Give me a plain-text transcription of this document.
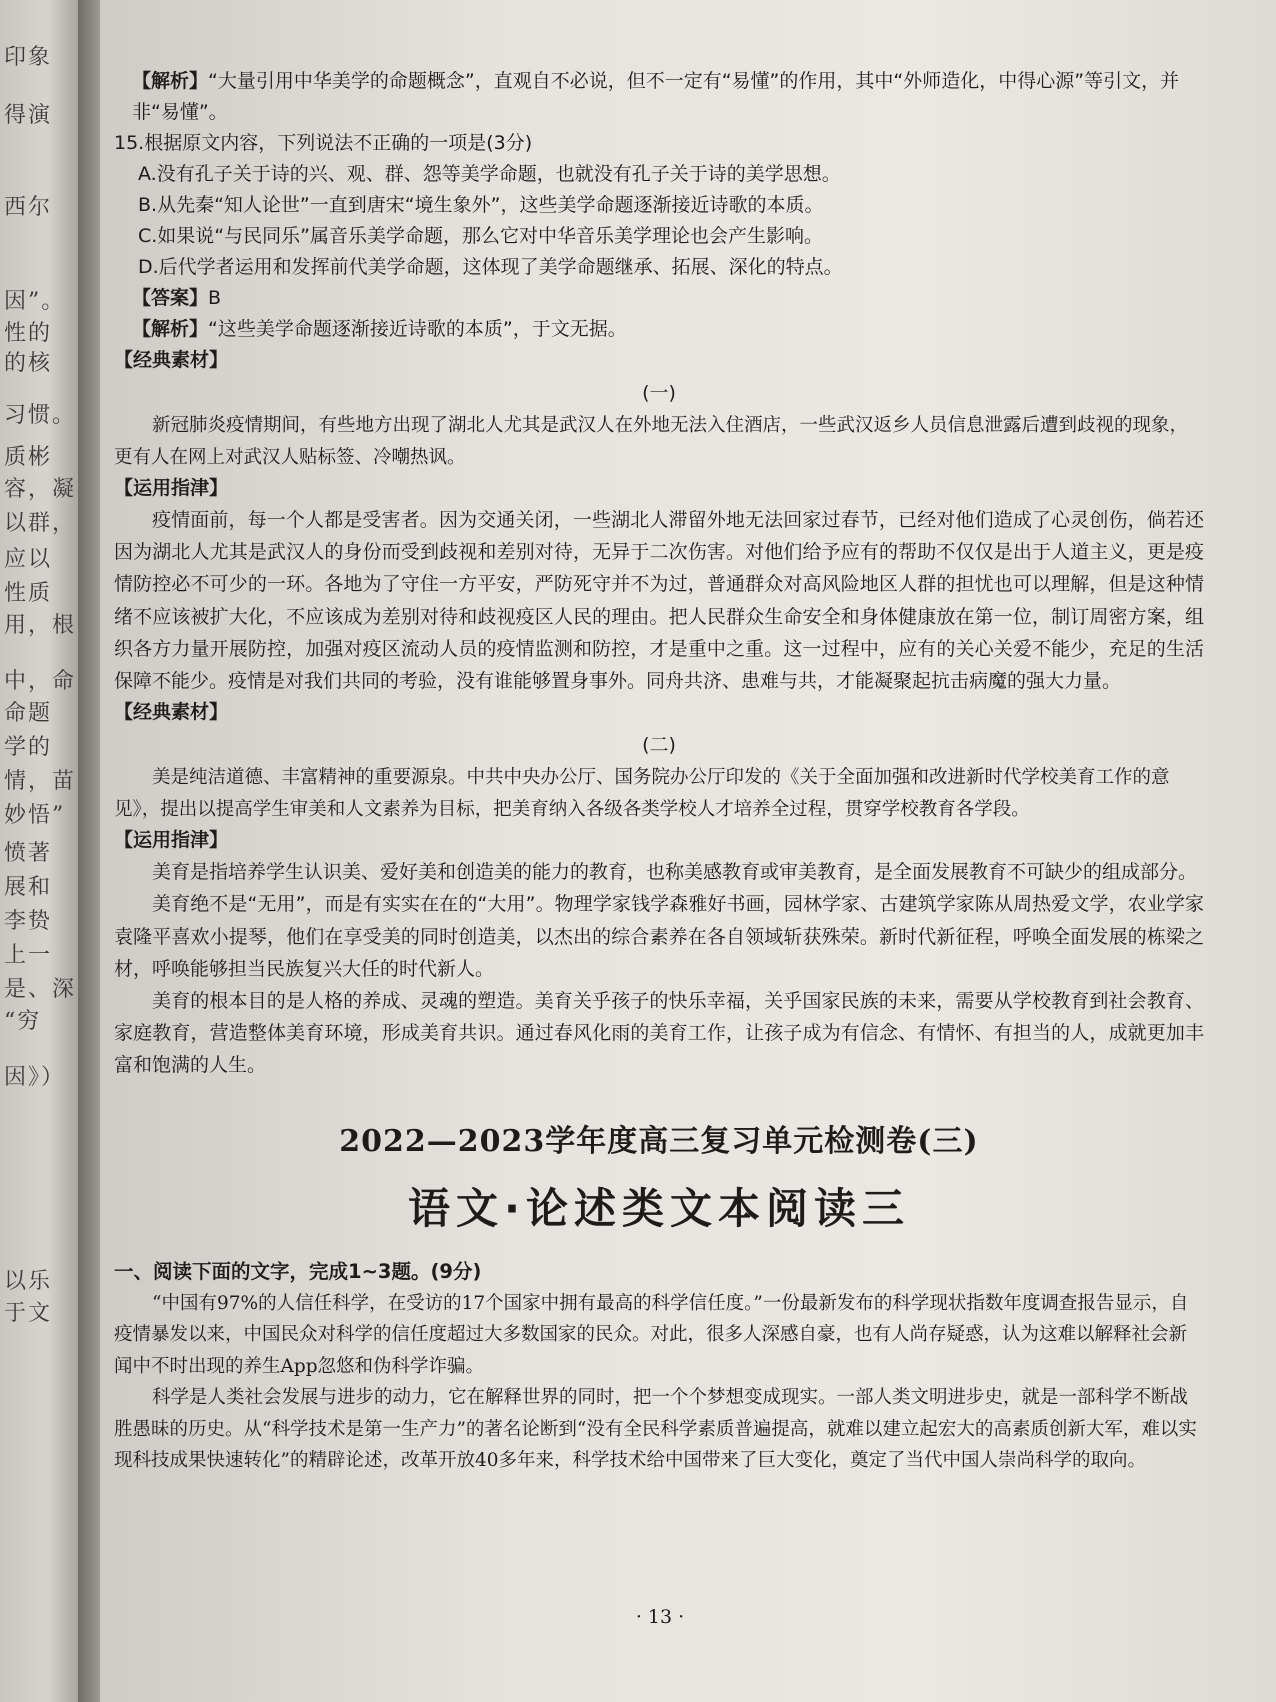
印象
得演
西尔
因”。
性的
的核
习惯。
质彬
容，凝
以群，
应以
性质
用，根
中，命
命题
学的
情，苗
妙悟”
愤著
展和
李贽
上一
是、深
“穷
因》）
以乐
于文

【解析】“大量引用中华美学的命题概念”，直观自不必说，但不一定有“易懂”的作用，其中“外师造化，中得心源”等引文，并非“易懂”。

15.根据原文内容，下列说法不正确的一项是(3分)

A.没有孔子关于诗的兴、观、群、怨等美学命题，也就没有孔子关于诗的美学思想。

B.从先秦“知人论世”一直到唐宋“境生象外”，这些美学命题逐渐接近诗歌的本质。

C.如果说“与民同乐”属音乐美学命题，那么它对中华音乐美学理论也会产生影响。

D.后代学者运用和发挥前代美学命题，这体现了美学命题继承、拓展、深化的特点。

【答案】B

【解析】“这些美学命题逐渐接近诗歌的本质”，于文无据。

【经典素材】

(一)

新冠肺炎疫情期间，有些地方出现了湖北人尤其是武汉人在外地无法入住酒店，一些武汉返乡人员信息泄露后遭到歧视的现象，更有人在网上对武汉人贴标签、冷嘲热讽。

【运用指津】

疫情面前，每一个人都是受害者。因为交通关闭，一些湖北人滞留外地无法回家过春节，已经对他们造成了心灵创伤，倘若还因为湖北人尤其是武汉人的身份而受到歧视和差别对待，无异于二次伤害。对他们给予应有的帮助不仅仅是出于人道主义，更是疫情防控必不可少的一环。各地为了守住一方平安，严防死守并不为过，普通群众对高风险地区人群的担忧也可以理解，但是这种情绪不应该被扩大化，不应该成为差别对待和歧视疫区人民的理由。把人民群众生命安全和身体健康放在第一位，制订周密方案，组织各方力量开展防控，加强对疫区流动人员的疫情监测和防控，才是重中之重。这一过程中，应有的关心关爱不能少，充足的生活保障不能少。疫情是对我们共同的考验，没有谁能够置身事外。同舟共济、患难与共，才能凝聚起抗击病魔的强大力量。

【经典素材】

(二)

美是纯洁道德、丰富精神的重要源泉。中共中央办公厅、国务院办公厅印发的《关于全面加强和改进新时代学校美育工作的意见》，提出以提高学生审美和人文素养为目标，把美育纳入各级各类学校人才培养全过程，贯穿学校教育各学段。

【运用指津】

美育是指培养学生认识美、爱好美和创造美的能力的教育，也称美感教育或审美教育，是全面发展教育不可缺少的组成部分。

美育绝不是“无用”，而是有实实在在的“大用”。物理学家钱学森雅好书画，园林学家、古建筑学家陈从周热爱文学，农业学家袁隆平喜欢小提琴，他们在享受美的同时创造美，以杰出的综合素养在各自领域斩获殊荣。新时代新征程，呼唤全面发展的栋梁之材，呼唤能够担当民族复兴大任的时代新人。

美育的根本目的是人格的养成、灵魂的塑造。美育关乎孩子的快乐幸福，关乎国家民族的未来，需要从学校教育到社会教育、家庭教育，营造整体美育环境，形成美育共识。通过春风化雨的美育工作，让孩子成为有信念、有情怀、有担当的人，成就更加丰富和饱满的人生。

2022—2023学年度高三复习单元检测卷(三)

语文·论述类文本阅读三

一、阅读下面的文字，完成1~3题。(9分)

“中国有97%的人信任科学，在受访的17个国家中拥有最高的科学信任度。”一份最新发布的科学现状指数年度调查报告显示，自疫情暴发以来，中国民众对科学的信任度超过大多数国家的民众。对此，很多人深感自豪，也有人尚存疑惑，认为这难以解释社会新闻中不时出现的养生App忽悠和伪科学诈骗。

科学是人类社会发展与进步的动力，它在解释世界的同时，把一个个梦想变成现实。一部人类文明进步史，就是一部科学不断战胜愚昧的历史。从“科学技术是第一生产力”的著名论断到“没有全民科学素质普遍提高，就难以建立起宏大的高素质创新大军，难以实现科技成果快速转化”的精辟论述，改革开放40多年来，科学技术给中国带来了巨大变化，奠定了当代中国人崇尚科学的取向。

· 13 ·
